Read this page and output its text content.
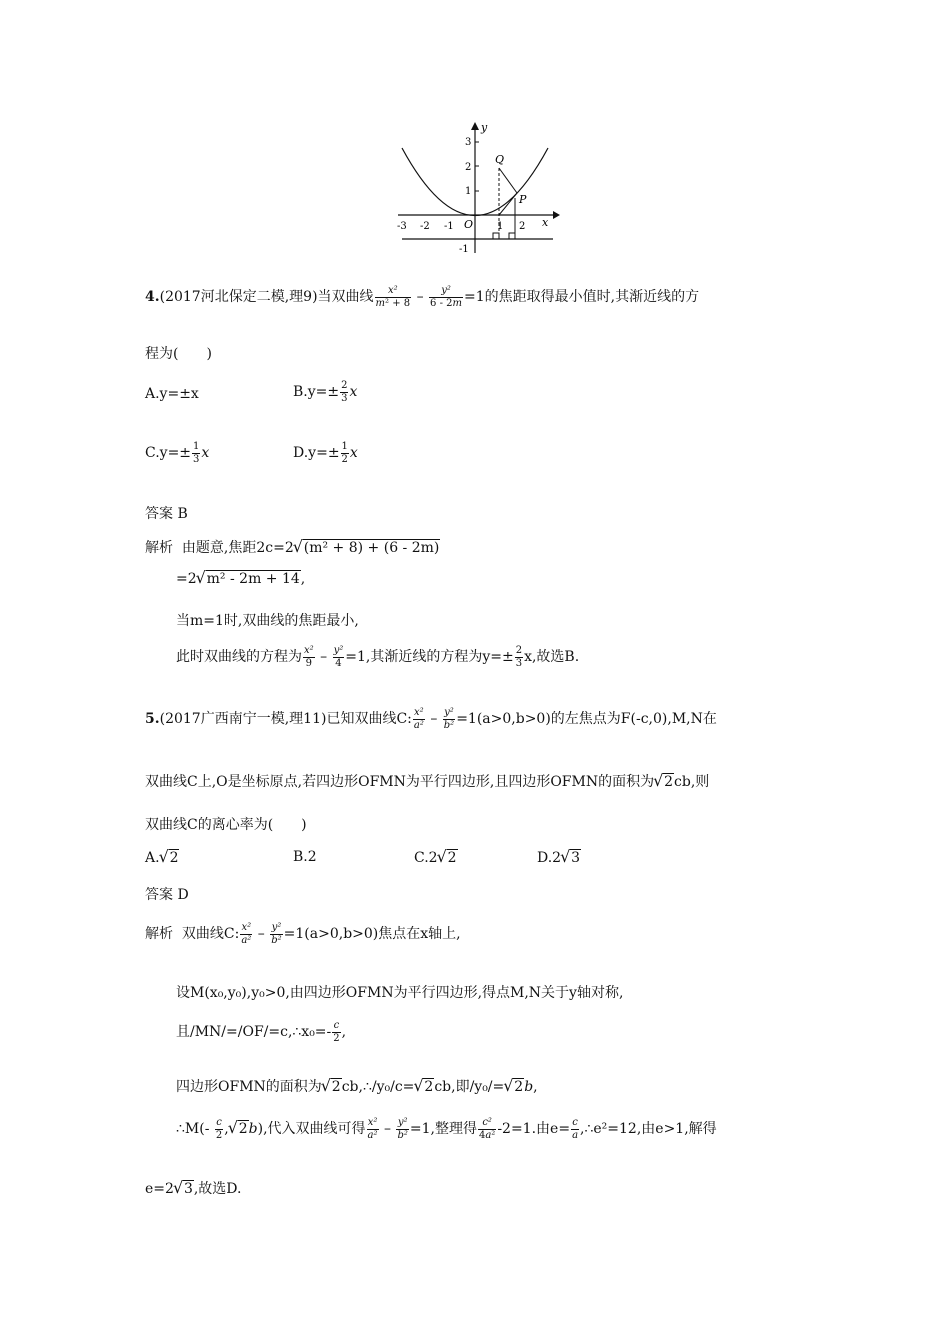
y
x
O
-3 -2 -1	1 2
3
2
1
-1
Q
P
4.(2017河北保定二模,理9)当双曲线 $\frac{\text{x²}}{\text{m² + 8}} - \frac{\text{y²}}{6 - 2m} =1$的焦距取得最小值时,其渐近线的方
程为(　　)
A.y=±x	$B.y=\pm \frac{2}{3}$ x
$C.y=\pm \frac{1}{3}$ x	$D.y=\pm \frac{1}{2}$ x
答案 B
解析 由题意,焦距2c=2 √ (m² + 8) + (6 - 2m)
=2 √ m² - 2m + 14,
当m=1时,双曲线的焦距最小,
此时双曲线的方程为 $\frac{\text{x²}}{9} - \frac{\text{y²}}{4} =1$,其渐近线的方程为$y=\pm \frac{2}{3} x$,故选B.
5.(2017广西南宁一模,理11)已知双曲线C: $\frac{\text{x²}}{\text{a²}} - \frac{\text{y²}}{\text{b²}} =1(a>0,b>0)$的左焦点为F(-c,0),M,N在
双曲线C上,O是坐标原点,若四边形OFMN为平行四边形,且四边形OFMN的面积为 √ 2cb,则
双曲线C的离心率为(　　)
A. √ 2	B.2	C.2 √ 2	D.2 √ 3
答案 D
解析 双曲线C: $\frac{\text{x²}}{\text{a²}} - \frac{\text{y²}}{\text{b²}} =1(a>0,b>0)$焦点在x轴上,
设M(x₀,y₀),y₀>0,由四边形OFMN为平行四边形,得点M,N关于y轴对称,
且/MN/=/OF/=c,∴x₀=- $\frac{c}{2}$ ,
四边形OFMN的面积为 √ 2cb,∴/y₀/c= √ 2cb,即/y₀/= √ 2b,
∴M(- $\frac{c}{2}$ , √ 2b),代入双曲线可得 $\frac{\text{x²}}{\text{a²}} - \frac{\text{y²}}{\text{b²}} =1$,整理得 $\frac{\text{c²}}{\text{4a²}} -2=1$.由$e= \frac{c}{a}$ ,∴e²=12,由e>1,解得
e=2 √ 3,故选D.
